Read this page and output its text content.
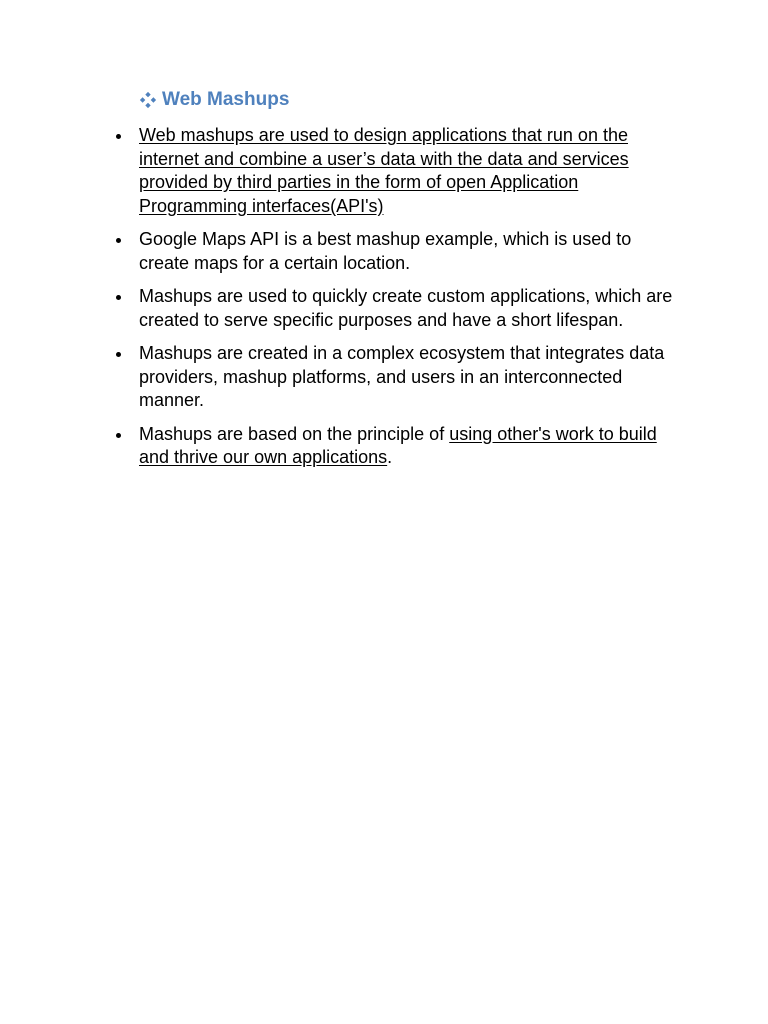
Web Mashups
Web mashups are used to design applications that run on the internet and combine a user’s data with the data and services provided by third parties in the form of open Application Programming interfaces(API's)
Google Maps API is a best mashup example, which is used to create maps for a certain location.
Mashups are used to quickly create custom applications, which are created to serve specific purposes and have a short lifespan.
Mashups are created in a complex ecosystem that integrates data providers, mashup platforms, and users in an interconnected manner.
Mashups are based on the principle of using other's work to build and thrive our own applications.
